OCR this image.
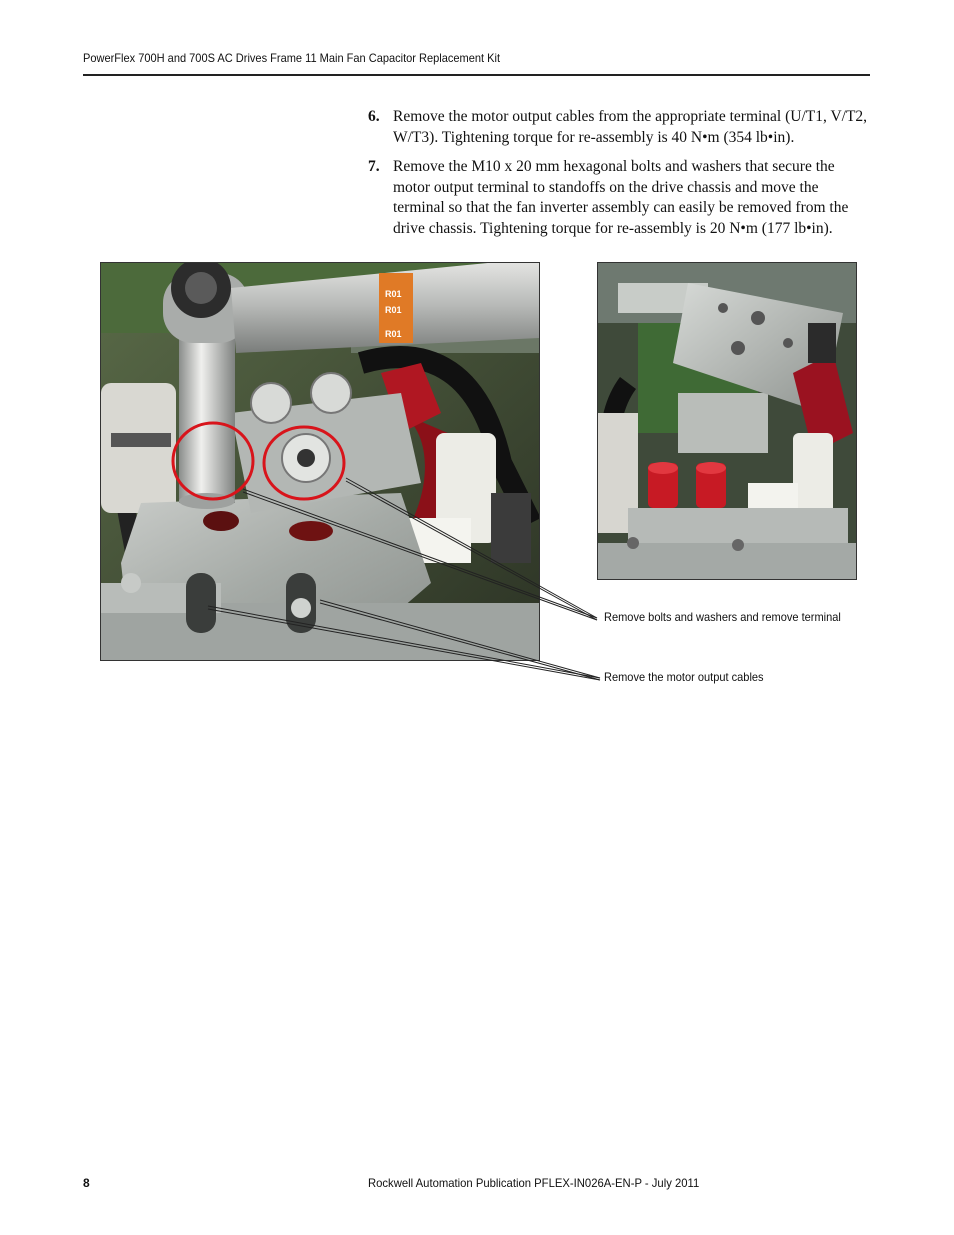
PowerFlex 700H and 700S AC Drives Frame 11 Main Fan Capacitor Replacement Kit
6. Remove the motor output cables from the appropriate terminal (U/T1, V/T2, W/T3). Tightening torque for re-assembly is 40 N•m (354 lb•in).
7. Remove the M10 x 20 mm hexagonal bolts and washers that secure the motor output terminal to standoffs on the drive chassis and move the terminal so that the fan inverter assembly can easily be removed from the drive chassis. Tightening torque for re-assembly is 20 N•m (177 lb•in).
R01
R01
R01
Remove bolts and washers and remove terminal
Remove the motor output cables
8	Rockwell Automation Publication PFLEX-IN026A-EN-P - July 2011
